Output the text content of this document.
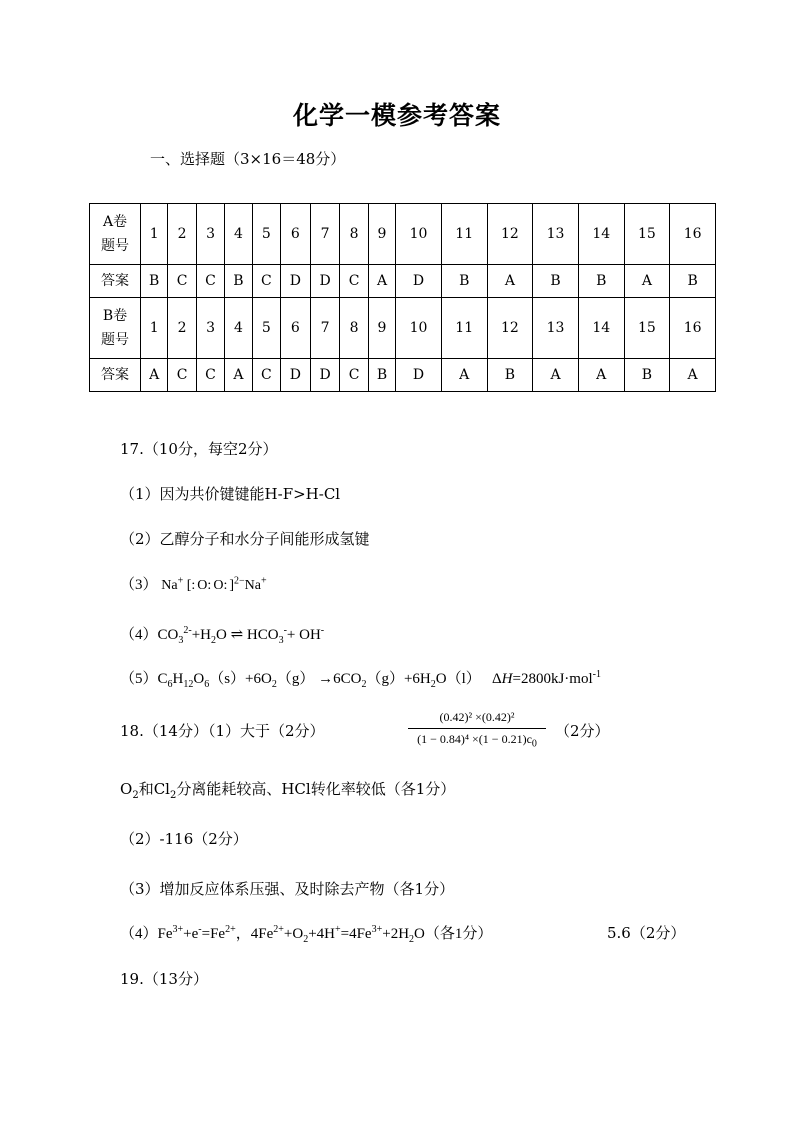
化学一模参考答案
一、选择题（3×16＝48分）
A卷
题号	1	2	3	4	5	6	7	8	9	10	11	12	13	14	15	16
答案	B	C	C	B	C	D	D	C	A	D	B	A	B	B	A	B

B卷
题号	1	2	3	4	5	6	7	8	9	10	11	12	13	14	15	16
答案	A	C	C	A	C	D	D	C	B	D	A	B	A	A	B	A
17.（10分，每空2分）
（1）因为共价键键能H-F>H-Cl
（2）乙醇分子和水分子间能形成氢键
（3） Na+ [:O:O:]$^{2-}$Na+
$(4)CO_3^{2-}+H_2O$ ⇌ $HCO_3^-+ OH^-$
$(5)C_6H_{12}O_6(s)+6O_2(g) \to 6CO_2(g)+6H_2O(l)$   ΔH=2800kJ·mol$^{-1}$
18.（14分）（1）大于（2分）	$\frac{\text{(0.42)² ×(0.42)²}}{(1 - 0.84)^4 \times(1 - 0.21)c_0} (2$分）
$O_2$和$Cl_2$分离能耗较高、HCl转化率较低（各1分）
（2）-116（2分）
（3）增加反应体系压强、及时除去产物（各1分）
$(4)Fe^{3+}+e^-=Fe^{2+}$，$4Fe^{2+}+O_2+4H^+=4Fe^{3+}+2H_2O$（各1分）	5.6（2分）
19.（13分）
